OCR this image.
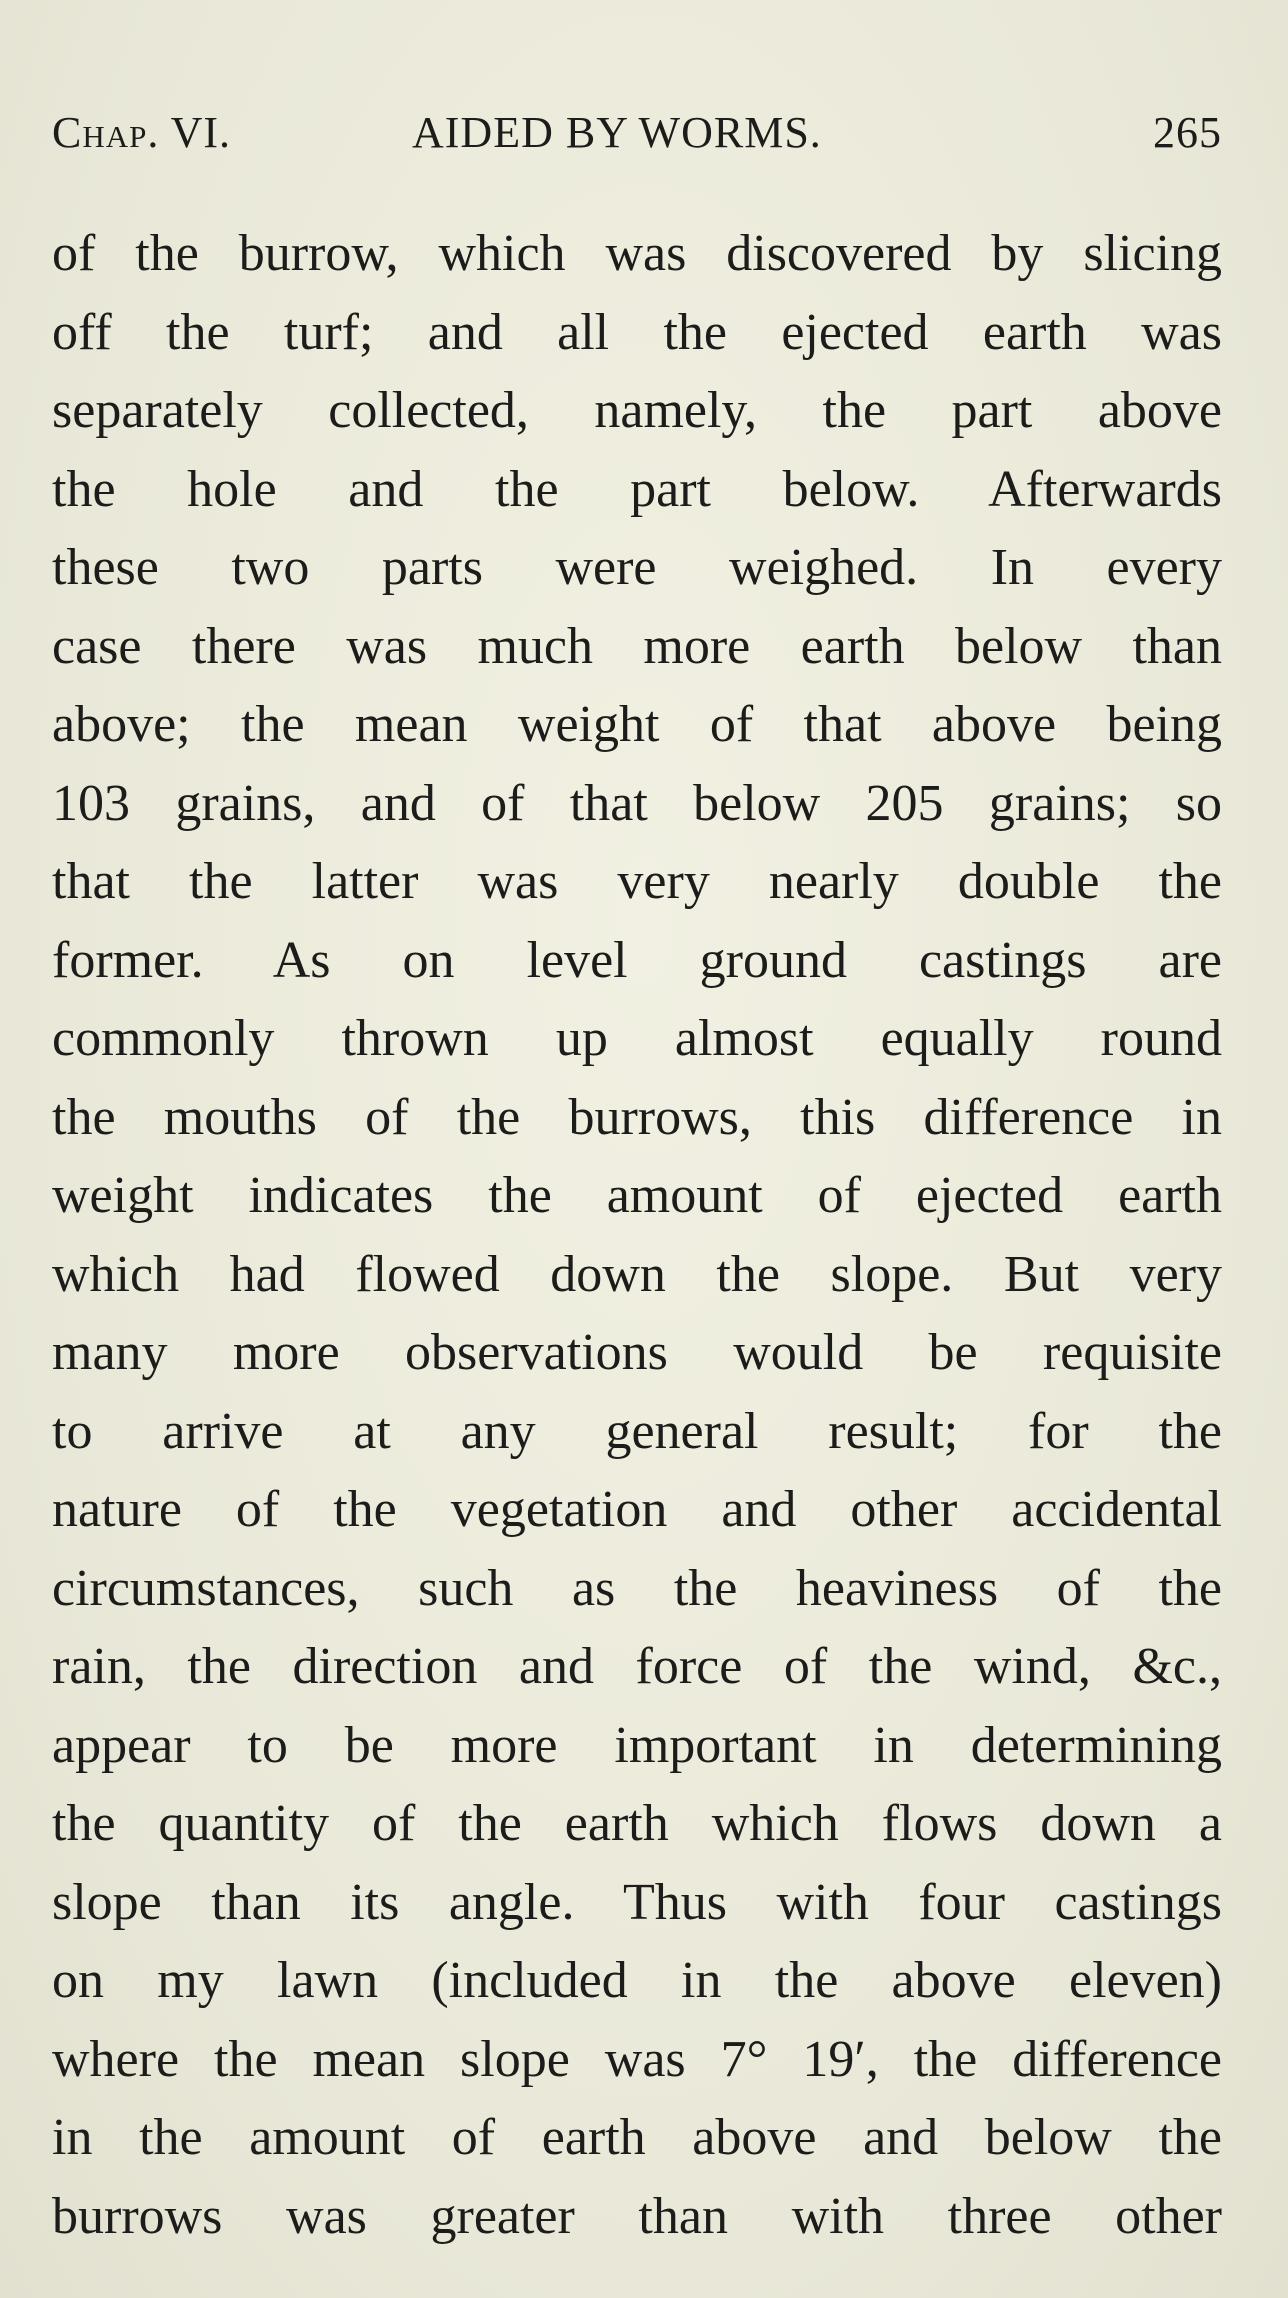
Chap. VI.	AIDED BY WORMS.	265
of the burrow, which was discovered by slicing
off the turf; and all the ejected earth was
separately collected, namely, the part above
the hole and the part below. Afterwards
these two parts were weighed. In every
case there was much more earth below than
above; the mean weight of that above being
103 grains, and of that below 205 grains; so
that the latter was very nearly double the
former. As on level ground castings are
commonly thrown up almost equally round
the mouths of the burrows, this difference in
weight indicates the amount of ejected earth
which had flowed down the slope. But very
many more observations would be requisite
to arrive at any general result; for the
nature of the vegetation and other accidental
circumstances, such as the heaviness of the
rain, the direction and force of the wind, &c.,
appear to be more important in determining
the quantity of the earth which flows down a
slope than its angle. Thus with four castings
on my lawn (included in the above eleven)
where the mean slope was 7° 19′, the difference
in the amount of earth above and below the
burrows was greater than with three other
